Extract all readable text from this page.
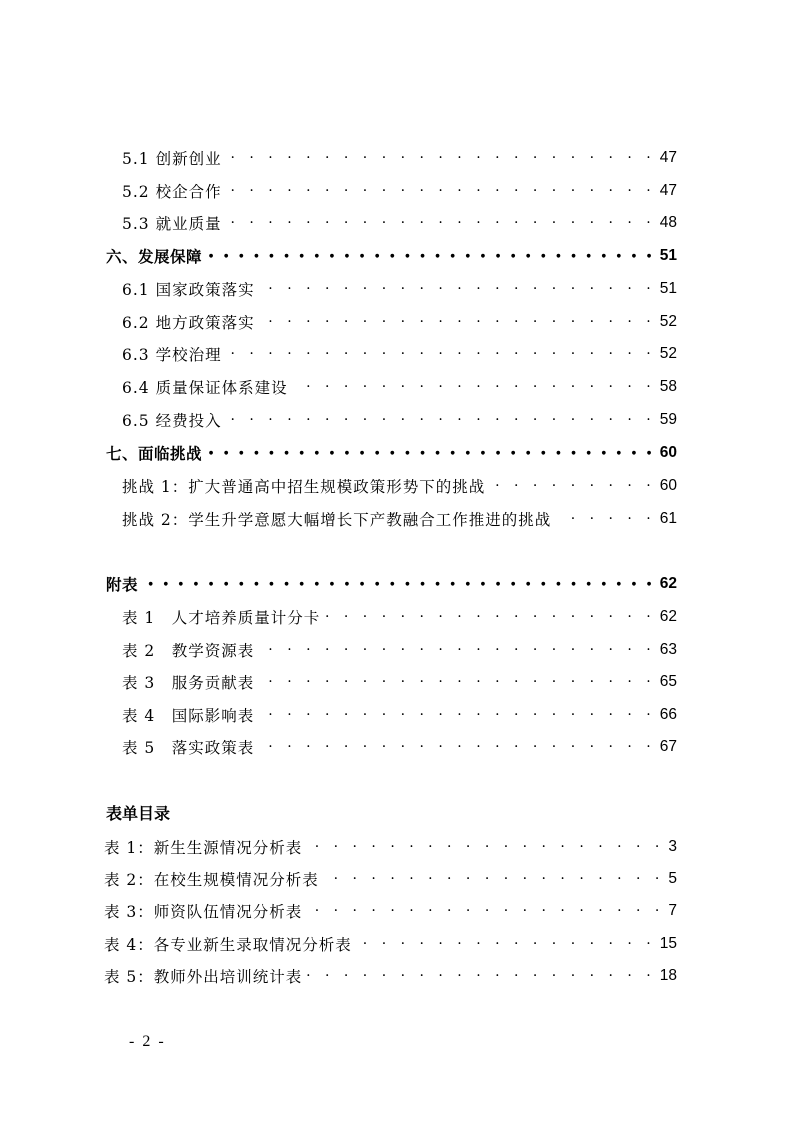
5.1 创新创业 · ·	47
5.2 校企合作 · ·	47
5.3 就业质量 · ·	48
六、发展保障 ● ● ● ● ● ● ● ● ● ● ● ● ● ● ● ● ● ● ● ● ● ● ● ● ● ● ● ● ● ● ● ● ● ● ● ● ● ● ● ●	51
6.1 国家政策落实 · ·	51
6.2 地方政策落实 · ·	52
6.3 学校治理 · ·	52
6.4 质量保证体系建设 · ·	58
6.5 经费投入 · ·	59
七、面临挑战 ● ● ● ● ● ● ● ● ● ● ● ● ● ● ● ● ● ● ● ● ● ● ● ● ● ● ● ● ● ● ● ● ● ● ● ● ● ● ● ●	60
挑战 1：扩大普通高中招生规模政策形势下的挑战 · ·	60
挑战 2：学生升学意愿大幅增长下产教融合工作推进的挑战 · ·	61
附表 ● ● ● ● ● ● ● ● ● ● ● ● ● ● ● ● ● ● ● ● ● ● ● ● ● ● ● ● ● ● ● ● ● ● ● ● ● ● ● ●	62
表 1　人才培养质量计分卡 · ·	62
表 2　教学资源表 · ·	63
表 3　服务贡献表 · ·	65
表 4　国际影响表 · ·	66
表 5　落实政策表 · ·	67
表单目录
表 1：新生生源情况分析表 · ·	3
表 2：在校生规模情况分析表 · ·	5
表 3：师资队伍情况分析表 · ·	7
表 4：各专业新生录取情况分析表 · ·	15
表 5：教师外出培训统计表 · ·	18
- 2 -
